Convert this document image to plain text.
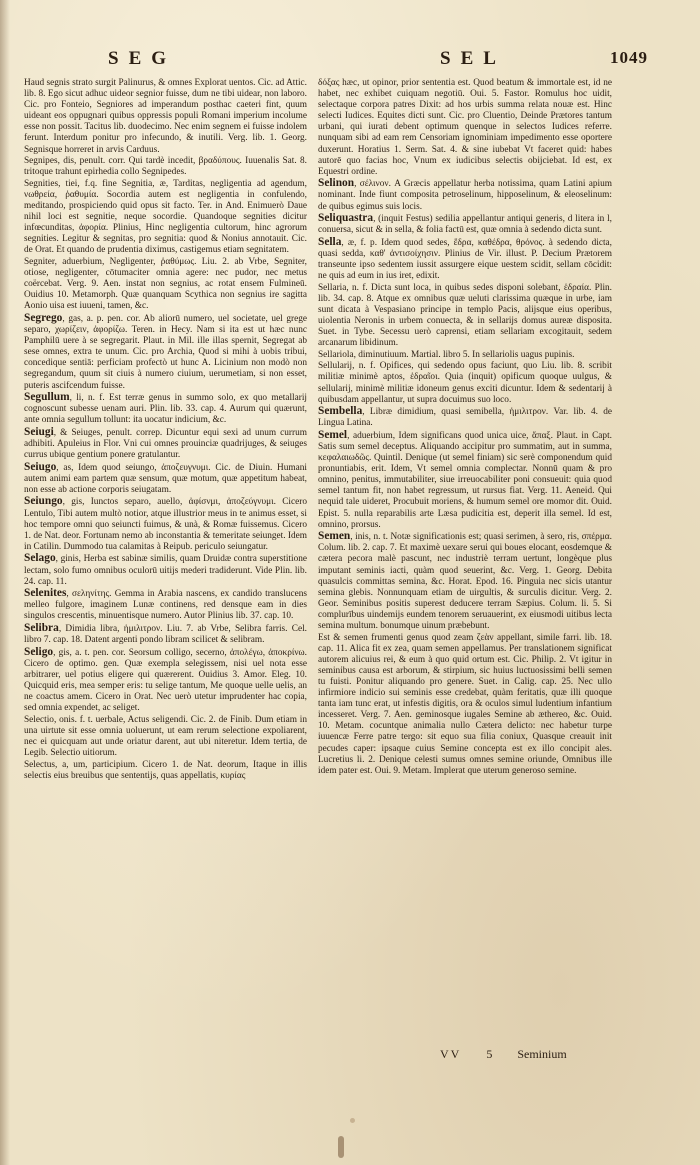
SEG	SEL	1049

Haud segnis strato surgit Palinurus, & omnes Explorat uentos. Cic. ad Attic. lib. 8. Ego sicut adhuc uideor segnior fuisse, dum ne tibi uidear, non laboro. Cic. pro Fonteio, Segniores ad imperandum posthac caeteri fint, quum uideant eos oppugnari quibus oppressis populi Romani imperium incolume esse non possit. Tacitus lib. duodecimo. Nec enim segnem ei fuisse indolem ferunt. Interdum ponitur pro infecundo, & inutili. Verg. lib. 1. Georg. Segnisque horreret in arvis Carduus.

Segnipes, dis, penult. corr. Qui tardè incedit, βραδύπους. Iuuenalis Sat. 8. tritoque trahunt epirhedia collo Segnipedes.

Segnities, tiei, f.q. fine Segnitia, æ, Tarditas, negligentia ad agendum, νωθρεία, ῥαθυμία. Socordia autem est negligentia in confulendo, meditando, prospiciendo quid opus sit facto. Ter. in And. Enimuerò Daue nihil loci est segnitie, neque socordie. Quandoque segnities dicitur infœcunditas, ἀφορία. Plinius, Hinc negligentia cultorum, hinc agrorum segnities. Legitur & segnitas, pro segnitia: quod & Nonius annotauit. Cic. de Orat. Et quando de prudentia diximus, castigemus etiam segnitatem.

Segniter, aduerbium, Negligenter, ῥαθύμως. Liu. 2. ab Vrbe, Segniter, otiose, negligenter, cōtumaciter omnia agere: nec pudor, nec metus coërcebat. Verg. 9. Aen. instat non segnius, ac rotat ensem Fulmineū. Ouidius 10. Metamorph. Quæ quanquam Scythica non segnius ire sagitta Aonio uisa est iuueni, tamen, &c.

Segrego, gas, a. p. pen. cor. Ab aliorū numero, uel societate, uel grege separo, χωρίζειν, ἀφορίζω. Teren. in Hecy. Nam si ita est ut hæc nunc Pamphilū uere à se segregarit. Plaut. in Mil. ille illas spernit, Segregat ab sese omnes, extra te unum. Cic. pro Archia, Quod si mihi à uobis tribui, concedique sentiā: perficiam profectò ut hunc A. Licinium non modò non segregandum, quum sit ciuis à numero ciuium, uerumetiam, si non esset, puteris ascifcendum fuisse.

Segullum, li, n. f. Est terræ genus in summo solo, ex quo metallarij cognoscunt subesse uenam auri. Plin. lib. 33. cap. 4. Aurum qui quærunt, ante omnia segullum tollunt: ita uocatur indicium, &c.

Seiugi, & Seiuges, penult. correp. Dicuntur equi sexi ad unum currum adhibiti. Apuleius in Flor. Vni cui omnes prouinciæ quadrijuges, & seiuges currus ubique gentium ponere gratulantur.

Seiugo, as, Idem quod seiungo, ἀποζευγνυμι. Cic. de Diuin. Humani autem animi eam partem quæ sensum, quæ motum, quæ appetitum habeat, non esse ab actione corporis seiugatam.

Seiungo, gis, Iunctos separo, auello, ἀφίσνμι, ἀποζεύγνυμι. Cicero Lentulo, Tibi autem multò notior, atque illustrior meus in te animus esset, si hoc tempore omni quo seiuncti fuimus, & unà, & Romæ fuissemus. Cicero 1. de Nat. deor. Fortunam nemo ab inconstantia & temeritate seiunget. Idem in Catilin. Dummodo tua calamitas à Reipub. periculo seiungatur.

Selago, ginis, Herba est sabinæ similis, quam Druidæ contra superstitione lectam, solo fumo omnibus oculorū uitijs mederi tradiderunt. Vide Plin. lib. 24. cap. 11.

Selenites, σεληνίτης. Gemma in Arabia nascens, ex candido translucens melleo fulgore, imaginem Lunæ continens, red densque eam in dies singulos crescentis, minuentisque numero. Autor Plinius lib. 37. cap. 10.

Selibra, Dimidia libra, ἡμιλιτρον. Liu. 7. ab Vrbe, Selibra farris. Cel. libro 7. cap. 18. Datent argenti pondo libram scilicet & selibram.

Seligo, gis, a. t. pen. cor. Seorsum colligo, secerno, ἀπολέγω, ἀποκρίνω. Cicero de optimo. gen. Quæ exempla selegissem, nisi uel nota esse arbitrarer, uel potius eligere qui quærerent. Ouidius 3. Amor. Eleg. 10. Quicquid eris, mea semper eris: tu selige tantum, Me quoque uelle uelis, an ne coactus amem. Cicero in Orat. Nec uerò utetur imprudenter hac copia, sed omnia expendet, ac seliget.

Selectio, onis. f. t. uerbale, Actus seligendi. Cic. 2. de Finib. Dum etiam in una uirtute sit esse omnia uoluerunt, ut eam rerum selectione expoliarent, nec ei quicquam aut unde oriatur darent, aut ubi niteretur. Idem tertia, de Legib. Selectio uitiorum.

Selectus, a, um, participium. Cicero 1. de Nat. deorum, Itaque in illis selectis eius breuibus que sententijs, quas appellatis, κυρίας

δόξας hæc, ut opinor, prior sententia est. Quod beatum & immortale est, id ne habet, nec exhibet cuiquam negotiū. Oui. 5. Fastor. Romulus hoc uidit, selectaque corpora patres Dixit: ad hos urbis summa relata nouæ est. Hinc selecti Iudices. Equites dicti sunt. Cic. pro Cluentio, Deinde Prætores tantum urbani, qui iurati debent optimum quenque in selectos Iudices referre. nunquam sibi ad eam rem Censoriam ignominiam impedimento esse oportere duxerunt. Horatius 1. Serm. Sat. 4. & sine iubebat Vt faceret quid: habes autorē quo facias hoc, Vnum ex iudicibus selectis obijciebat. Id est, ex Equestri ordine.

Selinon, σέλινον. A Græcis appellatur herba notissima, quam Latini apium nominant. Inde fiunt composita petroselinum, hipposelinum, & eleoselinum: de quibus egimus suis locis.

Seliquastra, (inquit Festus) sedilia appellantur antiqui generis, d litera in l, conuersa, sicut & in sella, & folia factū est, quæ omnia à sedendo dicta sunt.

Sella, æ, f. p. Idem quod sedes, ἕδρα, καθέδρα, θρόνος. à sedendo dicta, quasi sedda, καθ' ἀντισοίχησιν. Plinius de Vir. illust. P. Decium Prætorem transeunte ipso sedentem iussit assurgere eique uestem scidit, sellam cōcidit: ne quis ad eum in ius iret, edixit.

Sellaria, n. f. Dicta sunt loca, in quibus sedes disponi solebant, ἑδραία. Plin. lib. 34. cap. 8. Atque ex omnibus quæ ueluti clarissima quæque in urbe, iam sunt dicata à Vespasiano principe in templo Pacis, alijsque eius operibus, uiolentia Neronis in urbem conuecta, & in sellarijs domus aureæ disposita. Suet. in Tybe. Secessu uerò caprensi, etiam sellariam excogitauit, sedem arcanarum libidinum.

Sellariola, diminutiuum. Martial. libro 5. In sellariolis uagus pupinis.

Sellularij, n. f. Opifices, qui sedendo opus faciunt, quo Liu. lib. 8. scribit militiæ minimè aptos, ἑδραῖοι. Quia (inquit) opificum quoque uulgus, & sellularij, minimè militiæ idoneum genus exciti dicuntur. Idem & sedentarij à quibusdam appellantur, ut supra docuimus suo loco.

Sembella, Libræ dimidium, quasi semibella, ἡμιλιτρον. Var. lib. 4. de Lingua Latina.

Semel, aduerbium, Idem significans quod unica uice, ἅπαξ. Plaut. in Capt. Satis sum semel deceptus. Aliquando accipitur pro summatim, aut in summa, κεφαλαιωδῶς. Quintil. Denique (ut semel finiam) sic serè componendum quid pronuntiabis, erit. Idem, Vt semel omnia complectar. Nonnū quam & pro omnino, penitus, immutabiliter, siue irreuocabiliter poni consueuit: quia quod semel tantum fit, non habet regressum, ut rursus fiat. Verg. 11. Aeneid. Qui nequid tale uideret, Procubuit moriens, & humum semel ore momor dit. Ouid. Epist. 5. nulla reparabilis arte Læsa pudicitia est, deperit illa semel. Id est, omnino, prorsus.

Semen, inis, n. t. Notæ significationis est; quasi serimen, à sero, ris, σπέρμα. Colum. lib. 2. cap. 7. Et maximè uexare serui qui boues elocant, eosdemque & cætera pecora malè pascunt, nec industriè terram uertunt, longèque plus imputant seminis iacti, quàm quod seuerint, &c. Verg. 1. Georg. Debita quasulcis committas semina, &c. Horat. Epod. 16. Pinguia nec sicis utantur semina glebis. Nonnunquam etiam de uirgultis, & surculis dicitur. Verg. 2. Geor. Seminibus positis superest deducere terram Sæpius. Colum. li. 5. Si complurībus uindemijs eundem tenorem seruauerint, ex eiusmodi uitibus lecta semina multum. bonumque uinum præbebunt.

Est & semen frumenti genus quod zeam ζεὰν appellant, simile farri. lib. 18. cap. 11. Alica fit ex zea, quam semen appellamus. Per translationem significat autorem alicuius rei, & eum à quo quid ortum est. Cic. Philip. 2. Vt igitur in seminibus causa est arborum, & stirpium, sic huius luctuosissimi belli semen tu fuisti. Ponitur aliquando pro genere. Suet. in Calig. cap. 25. Nec ullo infirmiore indicio sui seminis esse credebat, quàm feritatis, quæ illi quoque tanta iam tunc erat, ut infestis digitis, ora & oculos simul ludentium infantium incesseret. Verg. 7. Aen. geminosque iugales Semine ab æthereo, &c. Ouid. 10. Metam. cocuntque animalia nullo Cætera delicto: nec habetur turpe iuuencæ Ferre patre tergo: sit equo sua filia coniux, Quasque creauit init pecudes caper: ipsaque cuius Semine concepta est ex illo concipit ales. Lucretius li. 2. Denique celesti sumus omnes semine oriunde, Omnibus ille idem pater est. Oui. 9. Metam. Implerat que uterum generoso semine.

VV 5 Seminium
